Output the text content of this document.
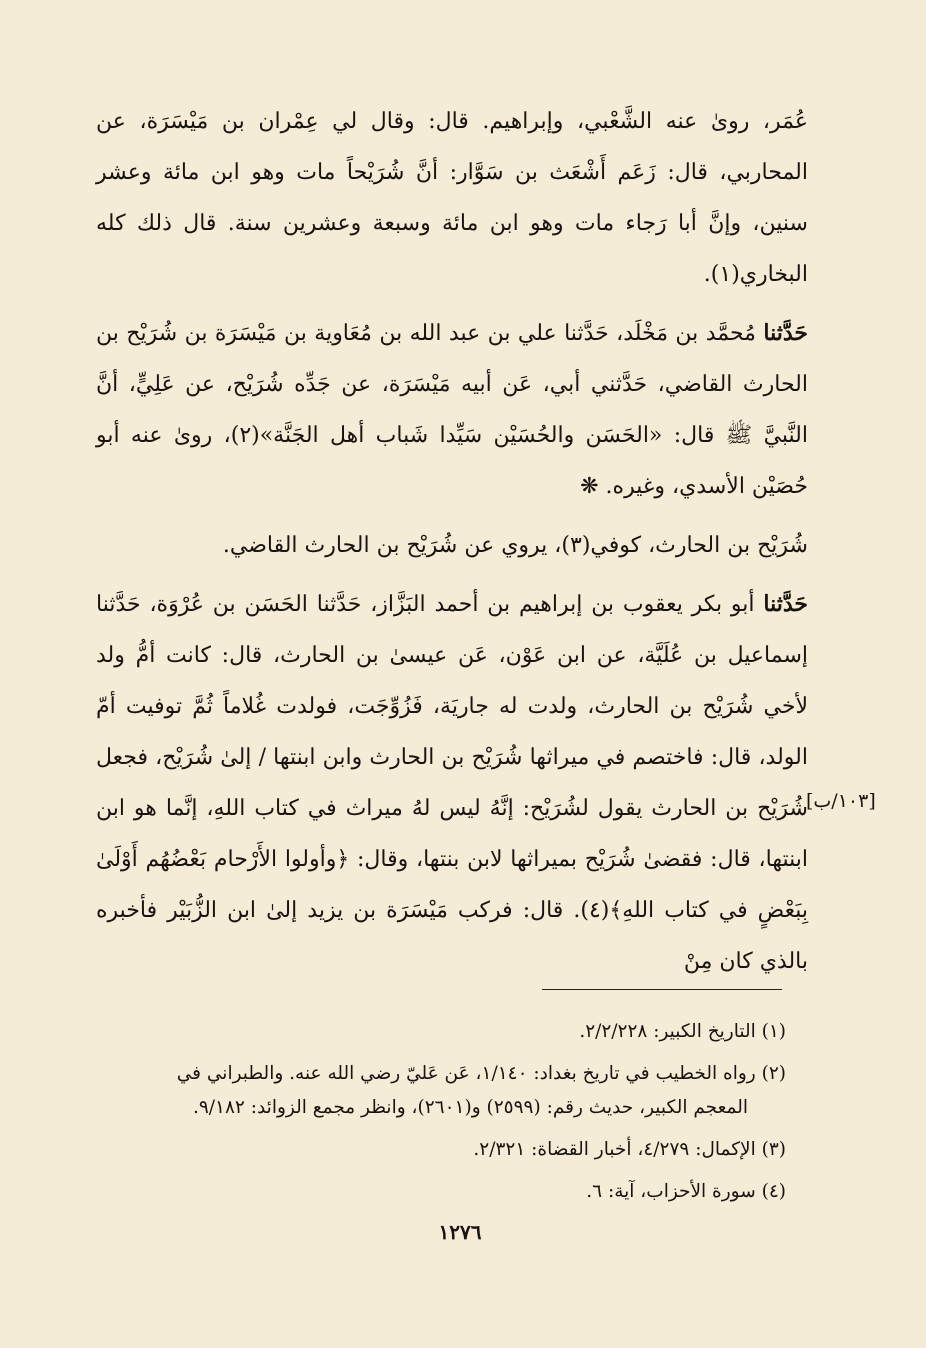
عُمَر، روىٰ عنه الشَّعْبي، وإبراهيم. قال: وقال لي عِمْران بن مَيْسَرَة، عن المحاربي، قال: زَعَم أَشْعَث بن سَوَّار: أنَّ شُرَيْحاً مات وهو ابن مائة وعشر سنين، وإنَّ أبا رَجاء مات وهو ابن مائة وسبعة وعشرين سنة. قال ذلك كله البخاري(١).

حَدَّثنا مُحمَّد بن مَخْلَد، حَدَّثنا علي بن عبد الله بن مُعَاوية بن مَيْسَرَة بن شُرَيْح بن الحارث القاضي، حَدَّثني أبي، عَن أبيه مَيْسَرَة، عن جَدِّه شُرَيْح، عن عَلِيٍّ، أنَّ النَّبيَّ ﷺ قال: «الحَسَن والحُسَيْن سَيِّدا شَباب أهل الجَنَّة»(٢)، روىٰ عنه أبو حُصَيْن الأسدي، وغيره. ❋

شُرَيْح بن الحارث، كوفي(٣)، يروي عن شُرَيْح بن الحارث القاضي.

حَدَّثنا أبو بكر يعقوب بن إبراهيم بن أحمد البَزَّاز، حَدَّثنا الحَسَن بن عُرْوَة، حَدَّثنا إسماعيل بن عُلَيَّة، عن ابن عَوْن، عَن عيسىٰ بن الحارث، قال: كانت أمُّ ولد لأخي شُرَيْح بن الحارث، ولدت له جاريَة، فَزُوِّجَت، فولدت غُلاماً ثُمَّ توفيت أمّ الولد، قال: فاختصم في ميراثها شُرَيْح بن الحارث وابن ابنتها / إلىٰ شُرَيْح، فجعل شُرَيْح بن الحارث يقول لشُرَيْح: إنَّهُ ليس لهُ ميراث في كتاب اللهِ، إنَّما هو ابن ابنتها، قال: فقضىٰ شُرَيْح بميراثها لابن بنتها، وقال: ﴿وأولوا الأَرْحام بَعْضُهُم أَوْلَىٰ بِبَعْضٍ في كتاب اللهِ﴾(٤). قال: فركب مَيْسَرَة بن يزيد إلىٰ ابن الزُّبَيْر فأخبره بالذي كان مِنْ

[١٠٣/ب]

(١) التاريخ الكبير: ٢/٢/٢٢٨.

(٢) رواه الخطيب في تاريخ بغداد: ١/١٤٠، عَن عَليّ رضي الله عنه. والطبراني في

المعجم الكبير، حديث رقم: (٢٥٩٩) و(٢٦٠١)، وانظر مجمع الزوائد: ٩/١٨٢.

(٣) الإكمال: ٤/٢٧٩، أخبار القضاة: ٢/٣٢١.

(٤) سورة الأحزاب، آية: ٦.

١٢٧٦
